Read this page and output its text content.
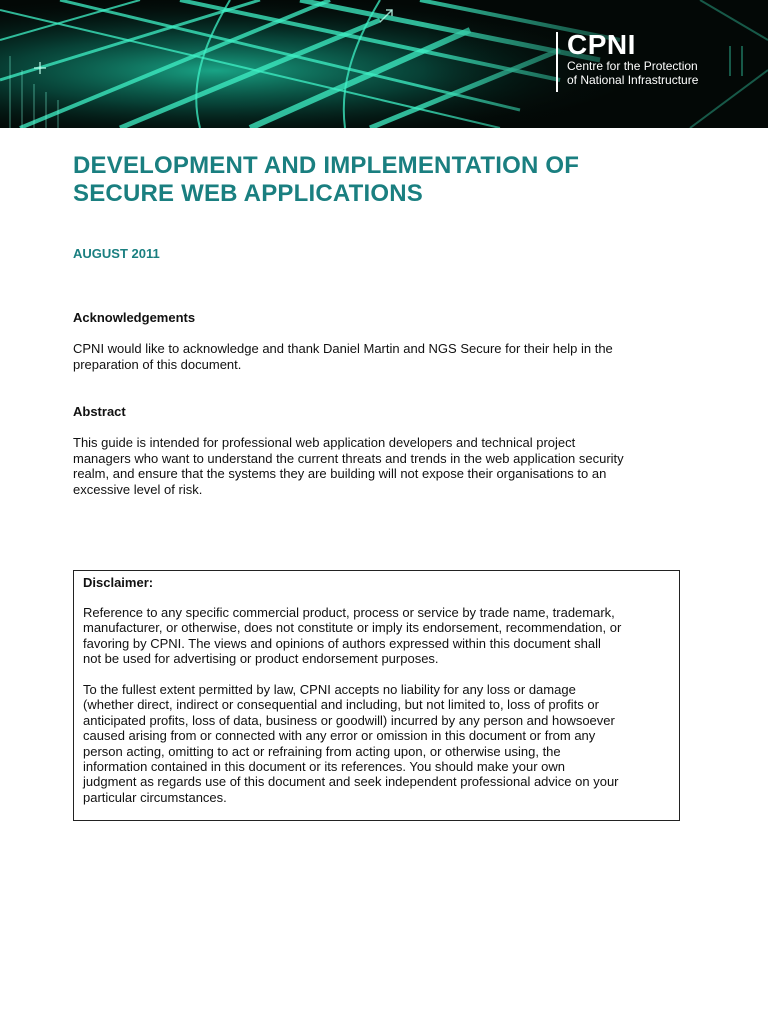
CPNI
Centre for the Protection
of National Infrastructure
DEVELOPMENT AND IMPLEMENTATION OF
SECURE WEB APPLICATIONS
AUGUST 2011
Acknowledgements
CPNI would like to acknowledge and thank Daniel Martin and NGS Secure for their help in the
preparation of this document.
Abstract
This guide is intended for professional web application developers and technical project
managers who want to understand the current threats and trends in the web application security
realm, and ensure that the systems they are building will not expose their organisations to an
excessive level of risk.
Disclaimer:
Reference to any specific commercial product, process or service by trade name, trademark,
manufacturer, or otherwise, does not constitute or imply its endorsement, recommendation, or
favoring by CPNI. The views and opinions of authors expressed within this document shall
not be used for advertising or product endorsement purposes.
To the fullest extent permitted by law, CPNI accepts no liability for any loss or damage
(whether direct, indirect or consequential and including, but not limited to, loss of profits or
anticipated profits, loss of data, business or goodwill) incurred by any person and howsoever
caused arising from or connected with any error or omission in this document or from any
person acting, omitting to act or refraining from acting upon, or otherwise using, the
information contained in this document or its references. You should make your own
judgment as regards use of this document and seek independent professional advice on your
particular circumstances.
